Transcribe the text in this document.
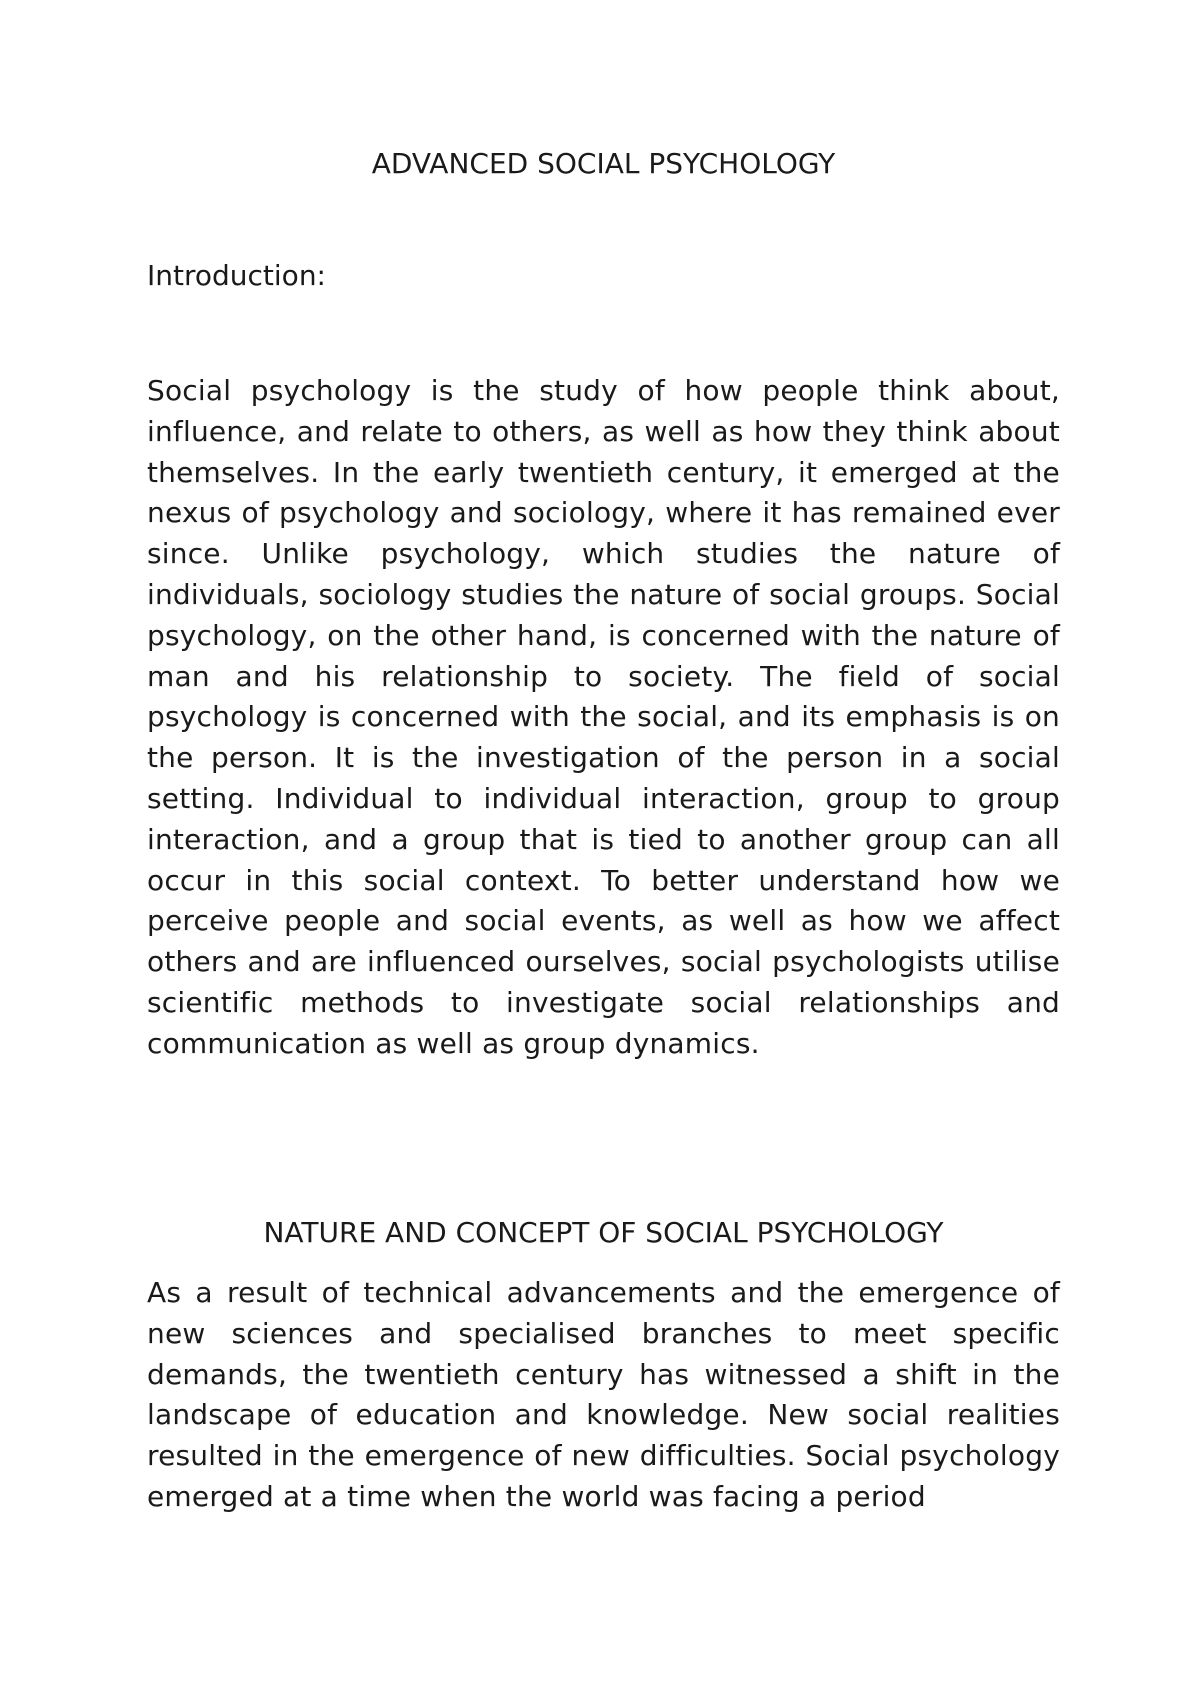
ADVANCED SOCIAL PSYCHOLOGY

Introduction:

Social psychology is the study of how people think about, influence, and relate to others, as well as how they think about themselves. In the early twentieth century, it emerged at the nexus of psychology and sociology, where it has remained ever since. Unlike psychology, which studies the nature of individuals, sociology studies the nature of social groups. Social psychology, on the other hand, is concerned with the nature of man and his relationship to society. The field of social psychology is concerned with the social, and its emphasis is on the person. It is the investigation of the person in a social setting. Individual to individual interaction, group to group interaction, and a group that is tied to another group can all occur in this social context. To better understand how we perceive people and social events, as well as how we affect others and are influenced ourselves, social psychologists utilise scientific methods to investigate social relationships and communication as well as group dynamics.

NATURE AND CONCEPT OF SOCIAL PSYCHOLOGY

As a result of technical advancements and the emergence of new sciences and specialised branches to meet specific demands, the twentieth century has witnessed a shift in the landscape of education and knowledge. New social realities resulted in the emergence of new difficulties. Social psychology emerged at a time when the world was facing a period
